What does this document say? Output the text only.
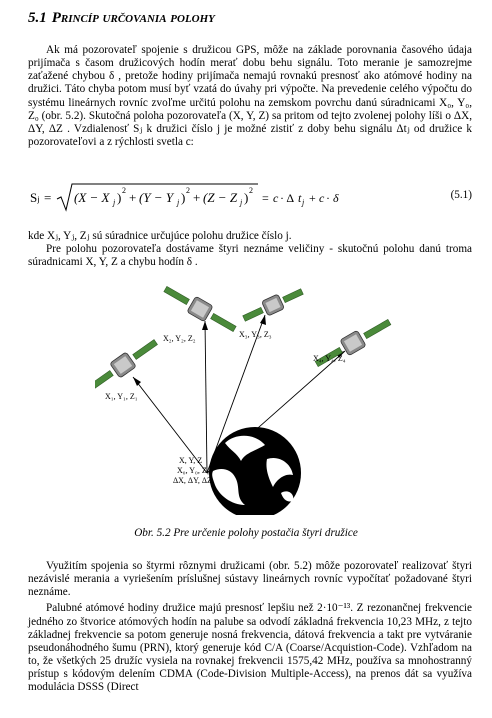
5.1 Princíp určovania polohy

Ak má pozorovateľ spojenie s družicou GPS, môže na základe porovnania časového údaja prijímača s časom družicových hodín merať dobu behu signálu. Toto meranie je samozrejme zaťažené chybou δ , pretože hodiny prijímača nemajú rovnakú presnosť ako atómové hodiny na družici. Táto chyba potom musí byť vzatá do úvahy pri výpočte. Na prevedenie celého výpočtu do systému lineárnych rovníc zvoľme určitú polohu na zemskom povrchu danú súradnicami X₀, Y₀, Z₀ (obr. 5.2). Skutočná poloha pozorovateľa (X, Y, Z) sa pritom od tejto zvolenej polohy líši o ΔX, ΔY, ΔZ . Vzdialenosť Sⱼ k družici číslo j je možné zistiť z doby behu signálu Δtⱼ od družice k pozorovateľovi a z rýchlosti svetla c:

Sⱼ = (X − X j ) 2 + (Y − Y j ) 2 + (Z − Z j ) 2
= c · Δ t j + c · δ	(5.1)

kde Xⱼ, Yⱼ, Zⱼ sú súradnice určujúce polohu družice číslo j.

Pre polohu pozorovateľa dostávame štyri neznáme veličiny - skutočnú polohu danú troma súradnicami X, Y, Z a chybu hodín δ .

X₁, Y₁, Z₁
X₂, Y₂, Z₂	X₃, Y₃, Z₃
X₄, Y₄, Z₄
X, Y, Z
X₀, Y₀, Z₀
ΔX, ΔY, ΔZ
Obr. 5.2 Pre určenie polohy postačia štyri družice

Využitím spojenia so štyrmi rôznymi družicami (obr. 5.2) môže pozorovateľ realizovať štyri nezávislé merania a vyriešením príslušnej sústavy lineárnych rovníc vypočítať požadované štyri neznáme.

Palubné atómové hodiny družice majú presnosť lepšiu než 2·10⁻¹³. Z rezonančnej frekvencie jedného zo štvorice atómových hodín na palube sa odvodí základná frekvencia 10,23 MHz, z tejto základnej frekvencie sa potom generuje nosná frekvencia, dátová frekvencia a takt pre vytváranie pseudonáhodného šumu (PRN), ktorý generuje kód C/A (Coarse/Acquistion-Code). Vzhľadom na to, že všetkých 25 družíc vysiela na rovnakej frekvencii 1575,42 MHz, používa sa mnohostranný prístup s kódovým delením CDMA (Code-Division Multiple-Access), na prenos dát sa využíva modulácia DSSS (Direct
